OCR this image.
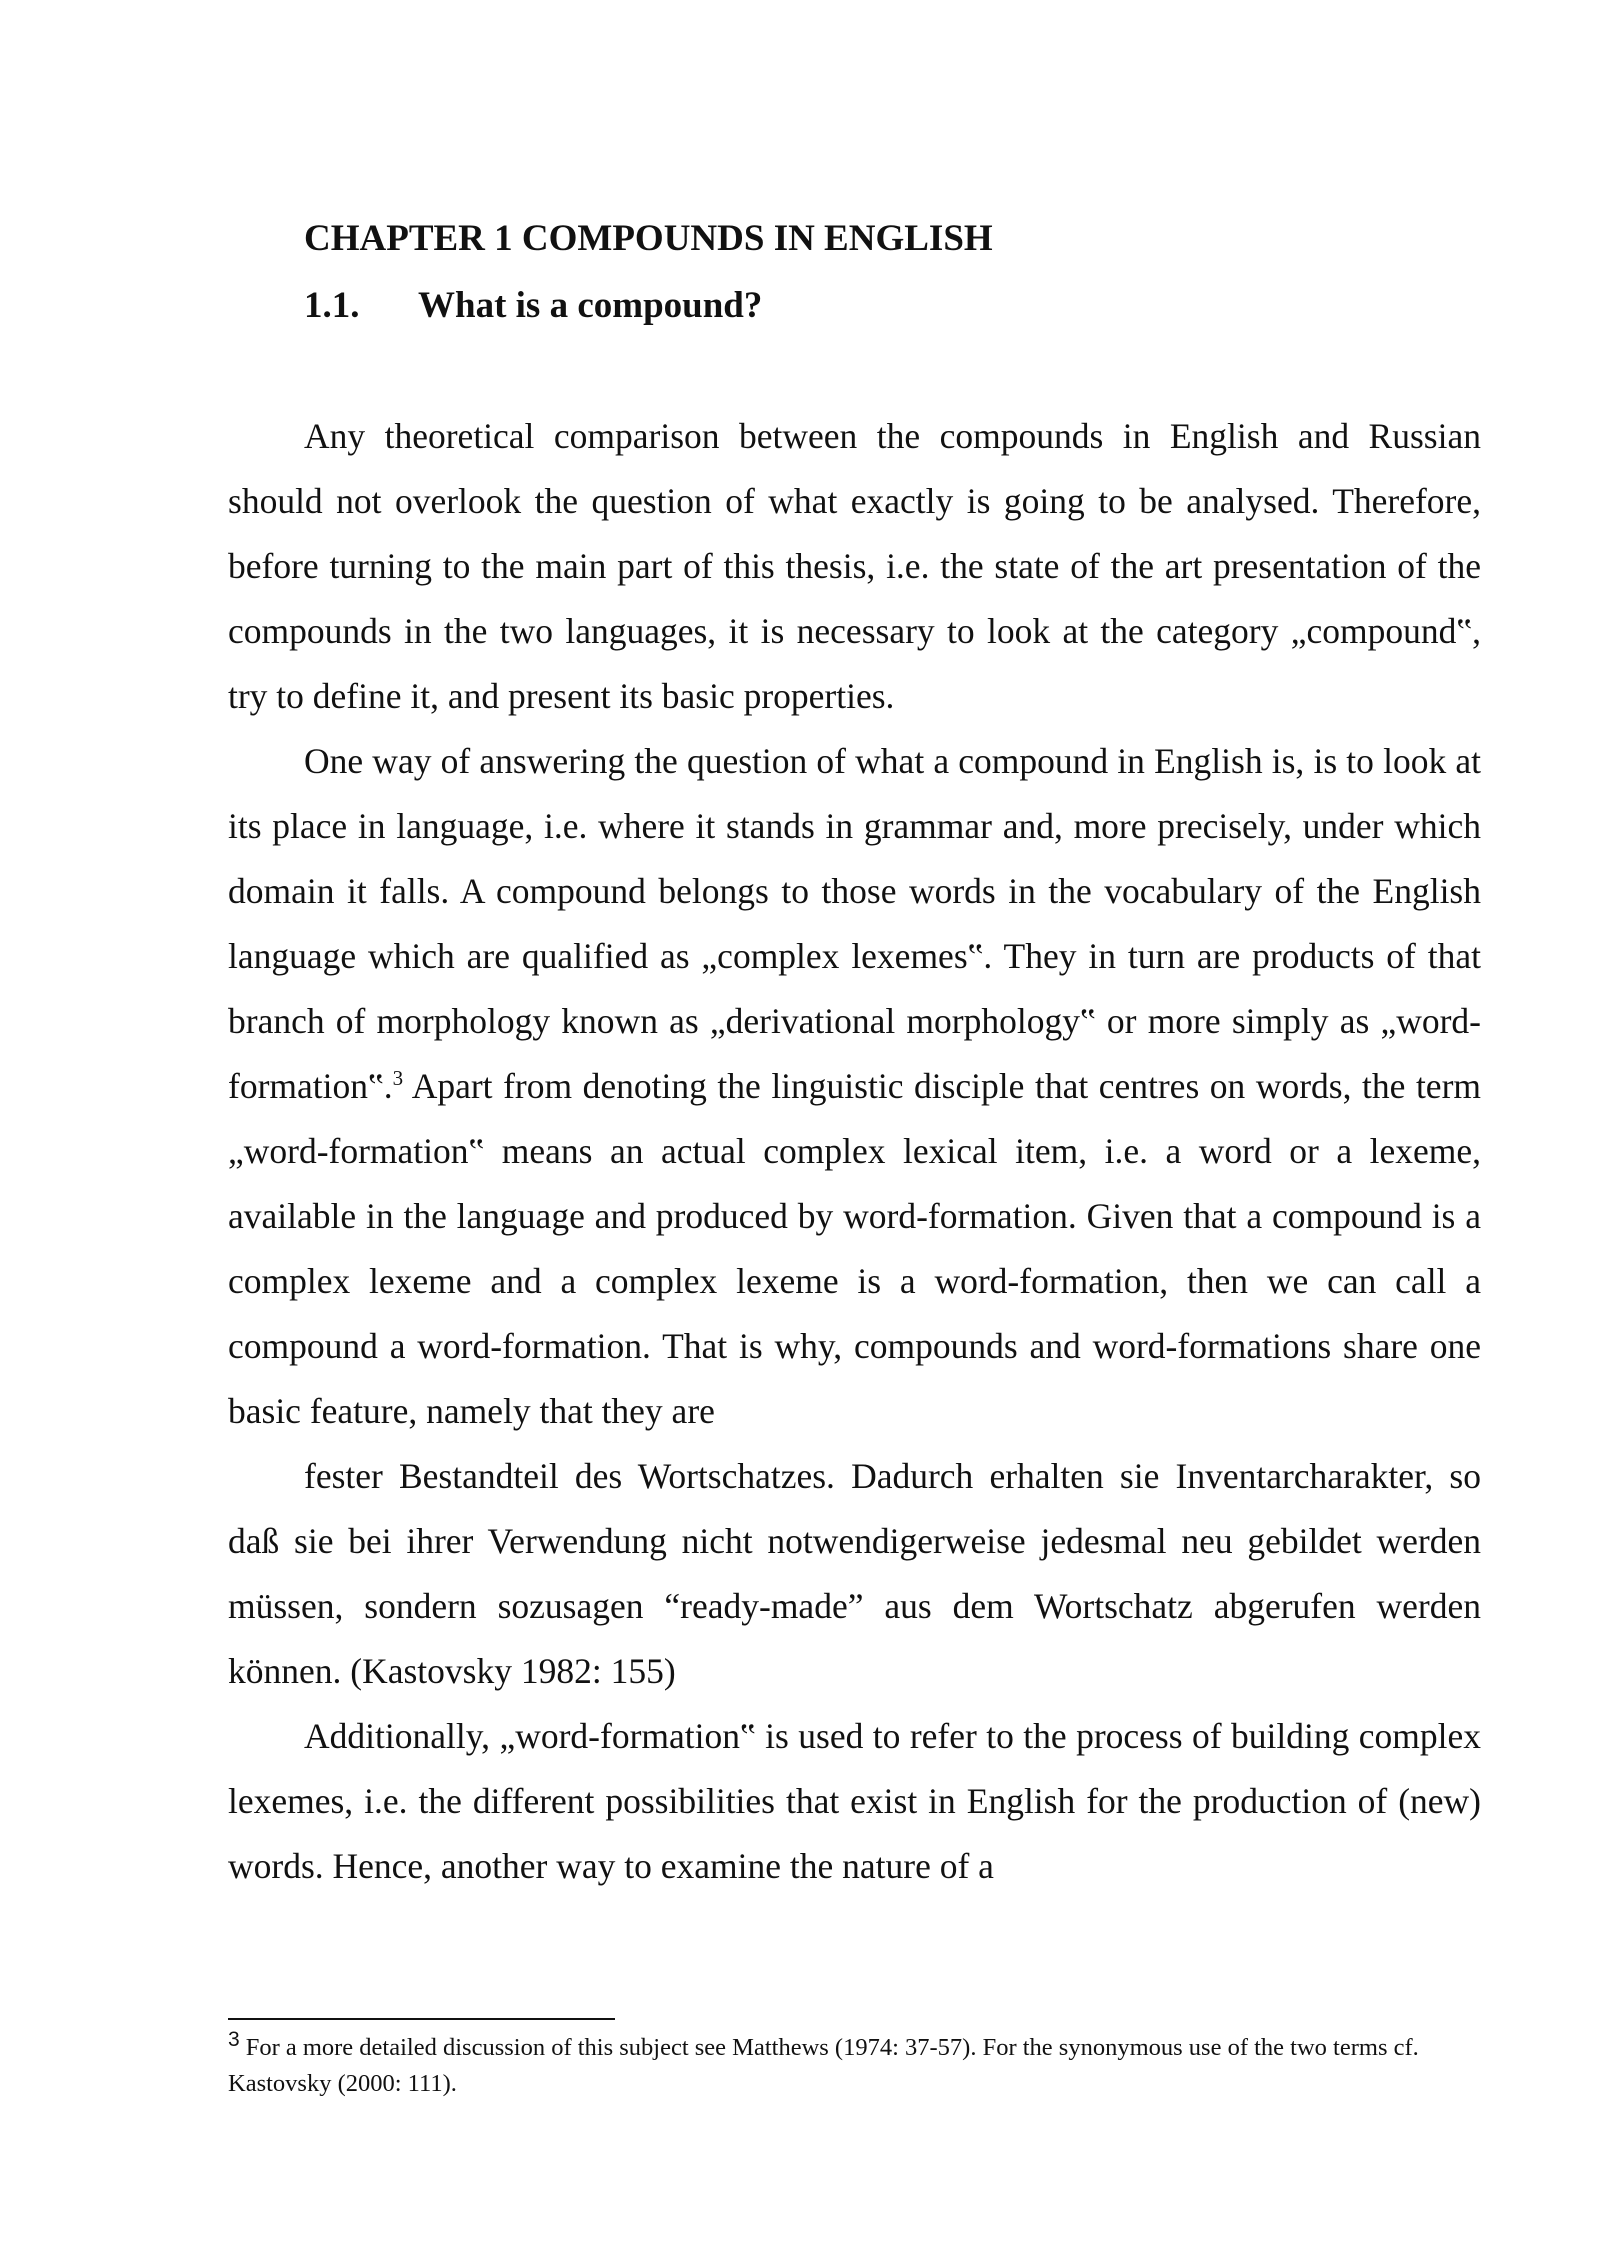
CHAPTER 1 COMPOUNDS IN ENGLISH
1.1. What is a compound?

Any theoretical comparison between the compounds in English and Russian should not overlook the question of what exactly is going to be analysed. Therefore, before turning to the main part of this thesis, i.e. the state of the art presentation of the compounds in the two languages, it is necessary to look at the category „compound‟, try to define it, and present its basic properties.

One way of answering the question of what a compound in English is, is to look at its place in language, i.e. where it stands in grammar and, more precisely, under which domain it falls. A compound belongs to those words in the vocabulary of the English language which are qualified as „complex lexemes‟. They in turn are products of that branch of morphology known as „derivational morphology‟ or more simply as „word-formation‟.$^3$ Apart from denoting the linguistic disciple that centres on words, the term „word-formation‟ means an actual complex lexical item, i.e. a word or a lexeme, available in the language and produced by word-formation. Given that a compound is a complex lexeme and a complex lexeme is a word-formation, then we can call a compound a word-formation. That is why, compounds and word-formations share one basic feature, namely that they are

fester Bestandteil des Wortschatzes. Dadurch erhalten sie Inventarcharakter, so daß sie bei ihrer Verwendung nicht notwendigerweise jedesmal neu gebildet werden müssen, sondern sozusagen “ready-made” aus dem Wortschatz abgerufen werden können. (Kastovsky 1982: 155)

Additionally, „word-formation‟ is used to refer to the process of building complex lexemes, i.e. the different possibilities that exist in English for the production of (new) words. Hence, another way to examine the nature of a

3 For a more detailed discussion of this subject see Matthews (1974: 37-57). For the synonymous use of the two terms cf. Kastovsky (2000: 111).
